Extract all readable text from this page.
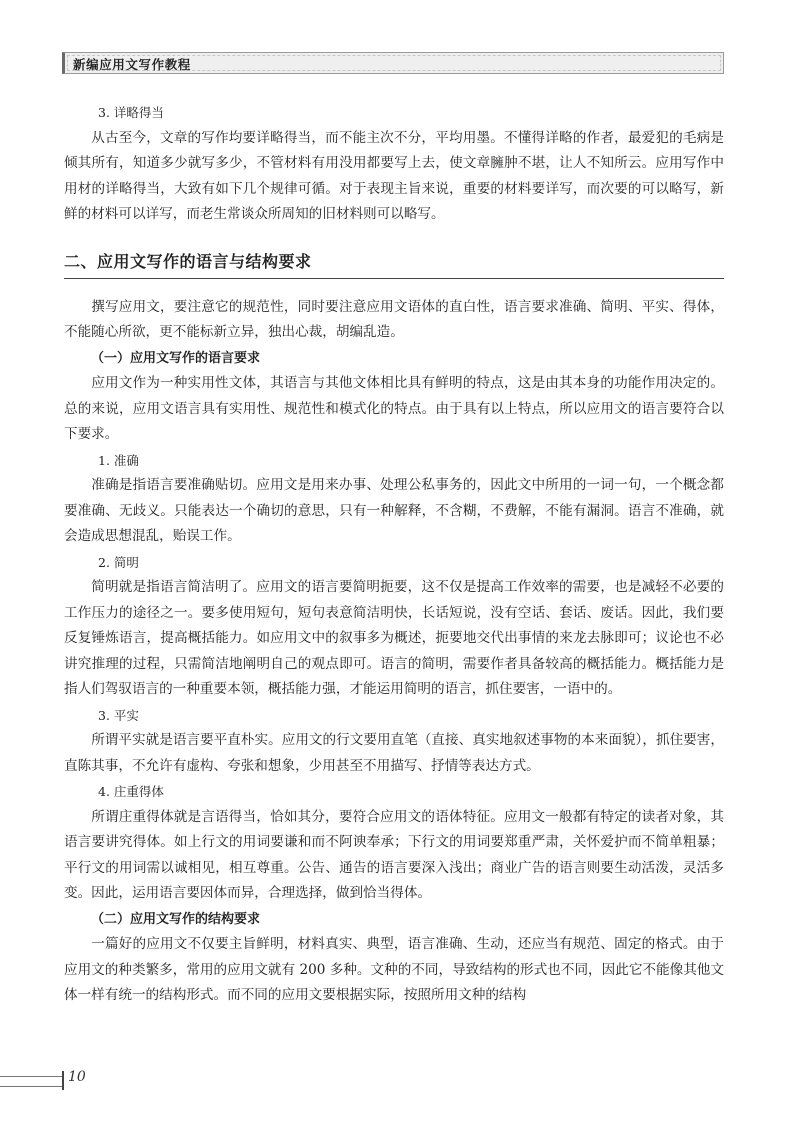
新编应用文写作教程
3. 详略得当

从古至今，文章的写作均要详略得当，而不能主次不分，平均用墨。不懂得详略的作者，最爱犯的毛病是倾其所有，知道多少就写多少，不管材料有用没用都要写上去，使文章臃肿不堪，让人不知所云。应用写作中用材的详略得当，大致有如下几个规律可循。对于表现主旨来说，重要的材料要详写，而次要的可以略写，新鲜的材料可以详写，而老生常谈众所周知的旧材料则可以略写。

二、应用文写作的语言与结构要求

撰写应用文，要注意它的规范性，同时要注意应用文语体的直白性，语言要求准确、简明、平实、得体，不能随心所欲，更不能标新立异，独出心裁，胡编乱造。

（一）应用文写作的语言要求

应用文作为一种实用性文体，其语言与其他文体相比具有鲜明的特点，这是由其本身的功能作用决定的。总的来说，应用文语言具有实用性、规范性和模式化的特点。由于具有以上特点，所以应用文的语言要符合以下要求。

1. 准确

准确是指语言要准确贴切。应用文是用来办事、处理公私事务的，因此文中所用的一词一句，一个概念都要准确、无歧义。只能表达一个确切的意思，只有一种解释，不含糊，不费解，不能有漏洞。语言不准确，就会造成思想混乱，贻误工作。

2. 简明

简明就是指语言简洁明了。应用文的语言要简明扼要，这不仅是提高工作效率的需要，也是减轻不必要的工作压力的途径之一。要多使用短句，短句表意简洁明快，长话短说，没有空话、套话、废话。因此，我们要反复锤炼语言，提高概括能力。如应用文中的叙事多为概述，扼要地交代出事情的来龙去脉即可；议论也不必讲究推理的过程，只需简洁地阐明自己的观点即可。语言的简明，需要作者具备较高的概括能力。概括能力是指人们驾驭语言的一种重要本领，概括能力强，才能运用简明的语言，抓住要害，一语中的。

3. 平实

所谓平实就是语言要平直朴实。应用文的行文要用直笔（直接、真实地叙述事物的本来面貌），抓住要害，直陈其事，不允许有虚构、夸张和想象，少用甚至不用描写、抒情等表达方式。

4. 庄重得体

所谓庄重得体就是言语得当，恰如其分，要符合应用文的语体特征。应用文一般都有特定的读者对象，其语言要讲究得体。如上行文的用词要谦和而不阿谀奉承；下行文的用词要郑重严肃，关怀爱护而不简单粗暴；平行文的用词需以诚相见，相互尊重。公告、通告的语言要深入浅出；商业广告的语言则要生动活泼，灵活多变。因此，运用语言要因体而异，合理选择，做到恰当得体。

（二）应用文写作的结构要求

一篇好的应用文不仅要主旨鲜明，材料真实、典型，语言准确、生动，还应当有规范、固定的格式。由于应用文的种类繁多，常用的应用文就有 200 多种。文种的不同，导致结构的形式也不同，因此它不能像其他文体一样有统一的结构形式。而不同的应用文要根据实际，按照所用文种的结构

10
